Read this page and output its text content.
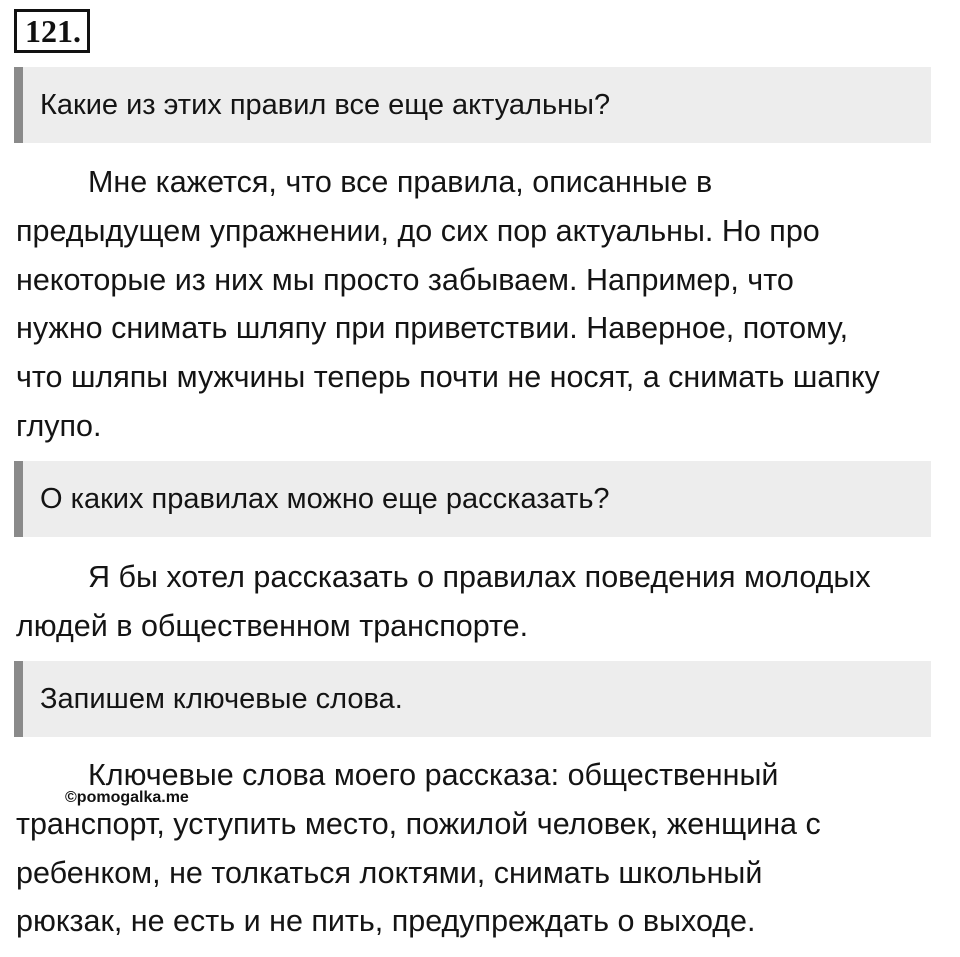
121.
Какие из этих правил все еще актуальны?

Мне кажется, что все правила, описанные в
предыдущем упражнении, до сих пор актуальны. Но про
некоторые из них мы просто забываем. Например, что
нужно снимать шляпу при приветствии. Наверное, потому,
что шляпы мужчины теперь почти не носят, а снимать шапку
глупо.

О каких правилах можно еще рассказать?

Я бы хотел рассказать о правилах поведения молодых
людей в общественном транспорте.

Запишем ключевые слова.

Ключевые слова моего рассказа: общественный
транспорт, уступить место, пожилой человек, женщина с
ребенком, не толкаться локтями, снимать школьный
рюкзак, не есть и не пить, предупреждать о выходе.

©pomogalka.me
